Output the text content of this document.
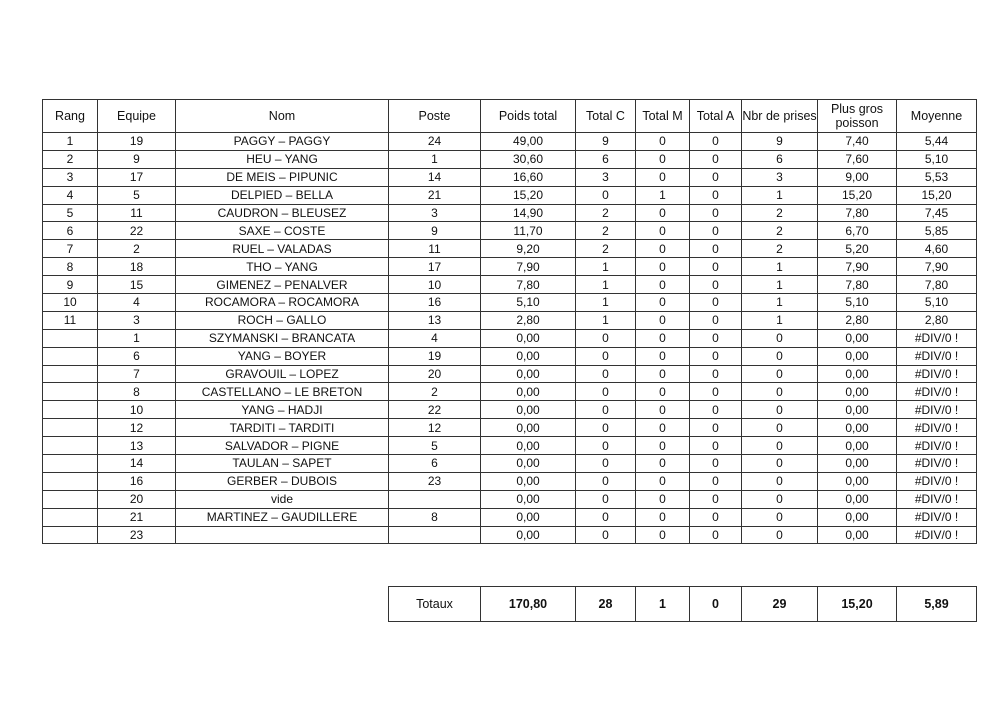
Rang	Equipe	Nom	Poste	Poids total	Total C	Total M	Total A	Nbr de prises	Plus gros poisson	Moyenne
1	19	PAGGY – PAGGY	24	49,00	9	0	0	9	7,40	5,44
2	9	HEU – YANG	1	30,60	6	0	0	6	7,60	5,10
3	17	DE MEIS – PIPUNIC	14	16,60	3	0	0	3	9,00	5,53
4	5	DELPIED – BELLA	21	15,20	0	1	0	1	15,20	15,20
5	11	CAUDRON – BLEUSEZ	3	14,90	2	0	0	2	7,80	7,45
6	22	SAXE – COSTE	9	11,70	2	0	0	2	6,70	5,85
7	2	RUEL – VALADAS	11	9,20	2	0	0	2	5,20	4,60
8	18	THO – YANG	17	7,90	1	0	0	1	7,90	7,90
9	15	GIMENEZ – PENALVER	10	7,80	1	0	0	1	7,80	7,80
10	4	ROCAMORA – ROCAMORA	16	5,10	1	0	0	1	5,10	5,10
11	3	ROCH – GALLO	13	2,80	1	0	0	1	2,80	2,80
	1	SZYMANSKI – BRANCATA	4	0,00	0	0	0	0	0,00	#DIV/0 !
	6	YANG – BOYER	19	0,00	0	0	0	0	0,00	#DIV/0 !
	7	GRAVOUIL – LOPEZ	20	0,00	0	0	0	0	0,00	#DIV/0 !
	8	CASTELLANO – LE BRETON	2	0,00	0	0	0	0	0,00	#DIV/0 !
	10	YANG – HADJI	22	0,00	0	0	0	0	0,00	#DIV/0 !
	12	TARDITI – TARDITI	12	0,00	0	0	0	0	0,00	#DIV/0 !
	13	SALVADOR – PIGNE	5	0,00	0	0	0	0	0,00	#DIV/0 !
	14	TAULAN – SAPET	6	0,00	0	0	0	0	0,00	#DIV/0 !
	16	GERBER – DUBOIS	23	0,00	0	0	0	0	0,00	#DIV/0 !
	20	vide		0,00	0	0	0	0	0,00	#DIV/0 !
	21	MARTINEZ – GAUDILLERE	8	0,00	0	0	0	0	0,00	#DIV/0 !
	23			0,00	0	0	0	0	0,00	#DIV/0 !
Totaux	170,80	28	1	0	29	15,20	5,89
